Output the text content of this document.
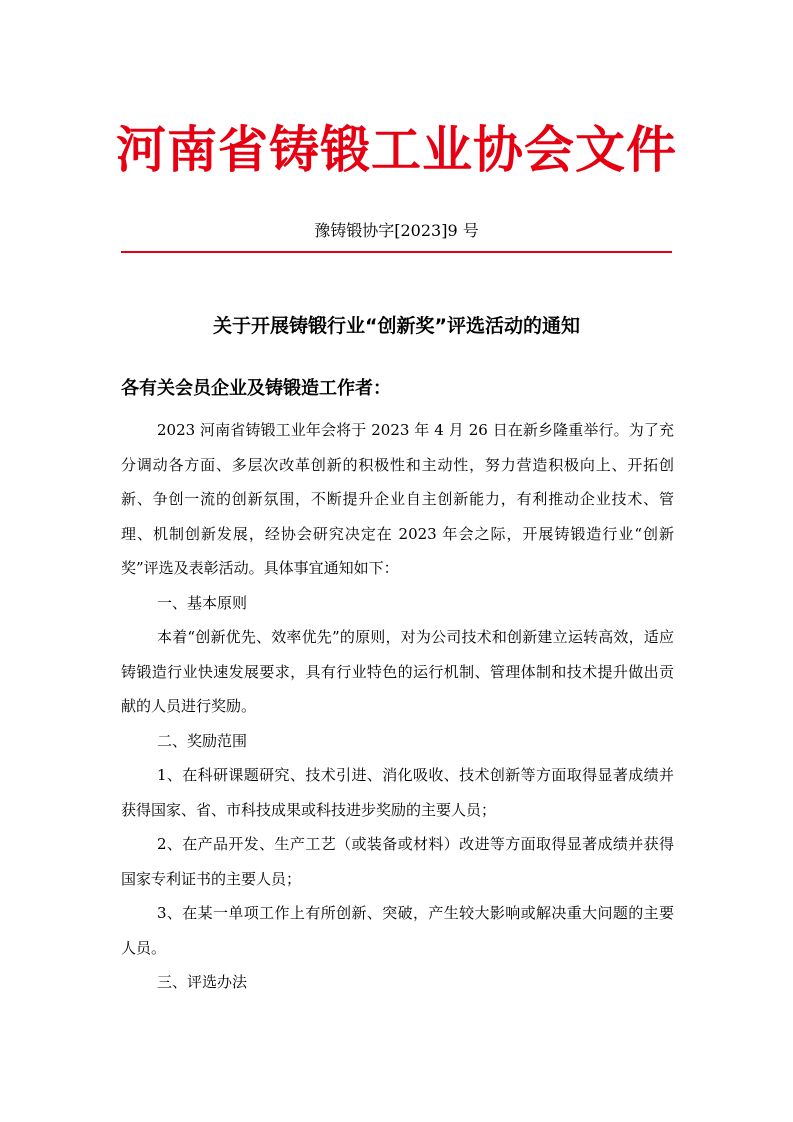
河南省铸锻工业协会文件
豫铸锻协字[2023]9 号
关于开展铸锻行业“创新奖”评选活动的通知
各有关会员企业及铸锻造工作者：

2023 河南省铸锻工业年会将于 2023 年 4 月 26 日在新乡隆重举行。为了充分调动各方面、多层次改革创新的积极性和主动性，努力营造积极向上、开拓创新、争创一流的创新氛围，不断提升企业自主创新能力，有利推动企业技术、管理、机制创新发展，经协会研究决定在 2023 年会之际，开展铸锻造行业“创新奖”评选及表彰活动。具体事宜通知如下：

一、基本原则

本着“创新优先、效率优先”的原则，对为公司技术和创新建立运转高效，适应铸锻造行业快速发展要求，具有行业特色的运行机制、管理体制和技术提升做出贡献的人员进行奖励。

二、奖励范围

1、在科研课题研究、技术引进、消化吸收、技术创新等方面取得显著成绩并获得国家、省、市科技成果或科技进步奖励的主要人员；

2、在产品开发、生产工艺（或装备或材料）改进等方面取得显著成绩并获得国家专利证书的主要人员；

3、在某一单项工作上有所创新、突破，产生较大影响或解决重大问题的主要人员。

三、评选办法
